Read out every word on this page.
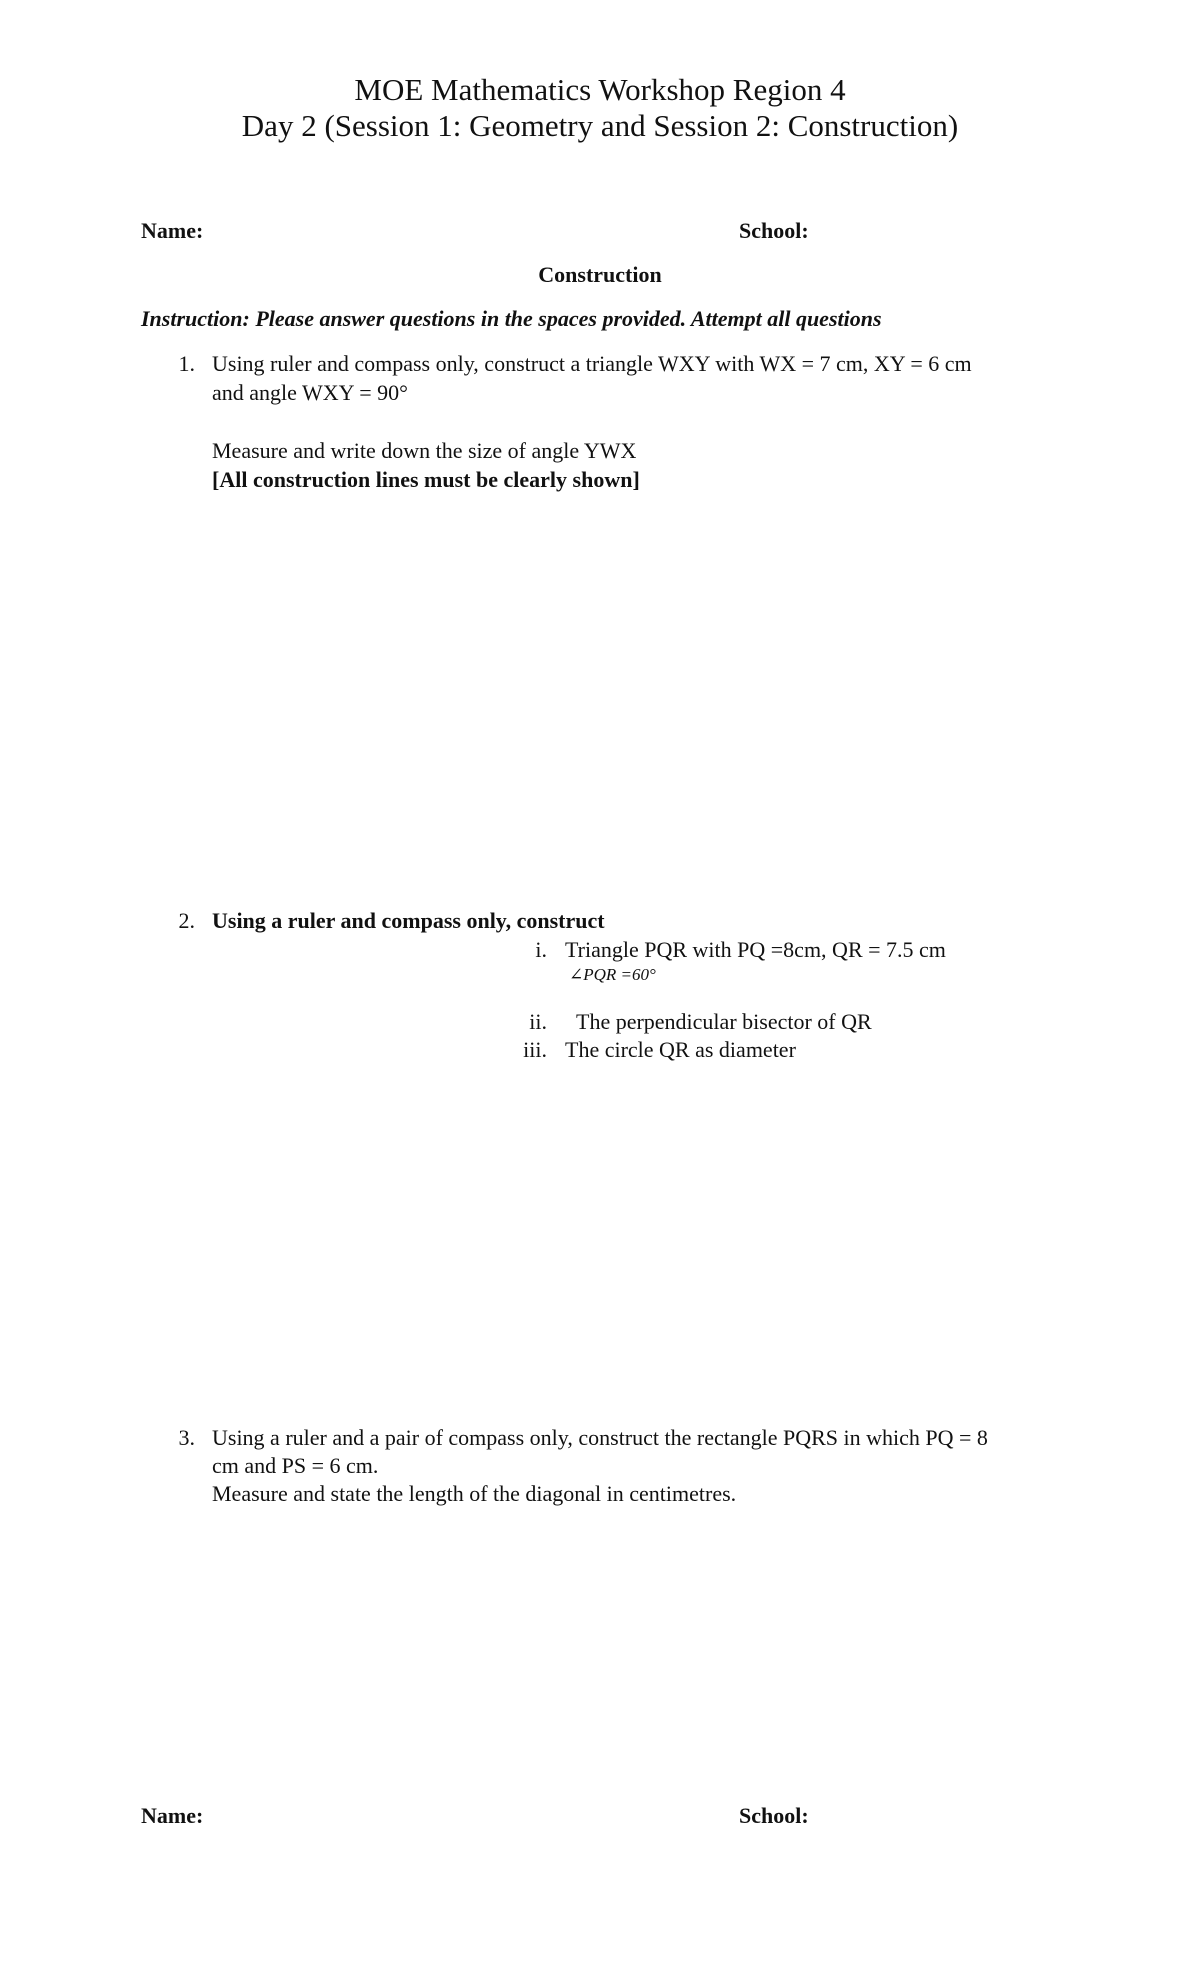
MOE Mathematics Workshop Region 4
Day 2 (Session 1: Geometry and Session 2: Construction)
Name:	School:
Construction
Instruction: Please answer questions in the spaces provided. Attempt all questions
1. Using ruler and compass only, construct a triangle WXY with WX = 7 cm, XY = 6 cm
and angle WXY = 90°
Measure and write down the size of angle YWX
[All construction lines must be clearly shown]
2. Using a ruler and compass only, construct
i. Triangle PQR with PQ =8cm, QR = 7.5 cm
∠PQR =60°
ii. The perpendicular bisector of QR
iii. The circle QR as diameter
3. Using a ruler and a pair of compass only, construct the rectangle PQRS in which PQ = 8
cm and PS = 6 cm.
Measure and state the length of the diagonal in centimetres.
Name:	School:
